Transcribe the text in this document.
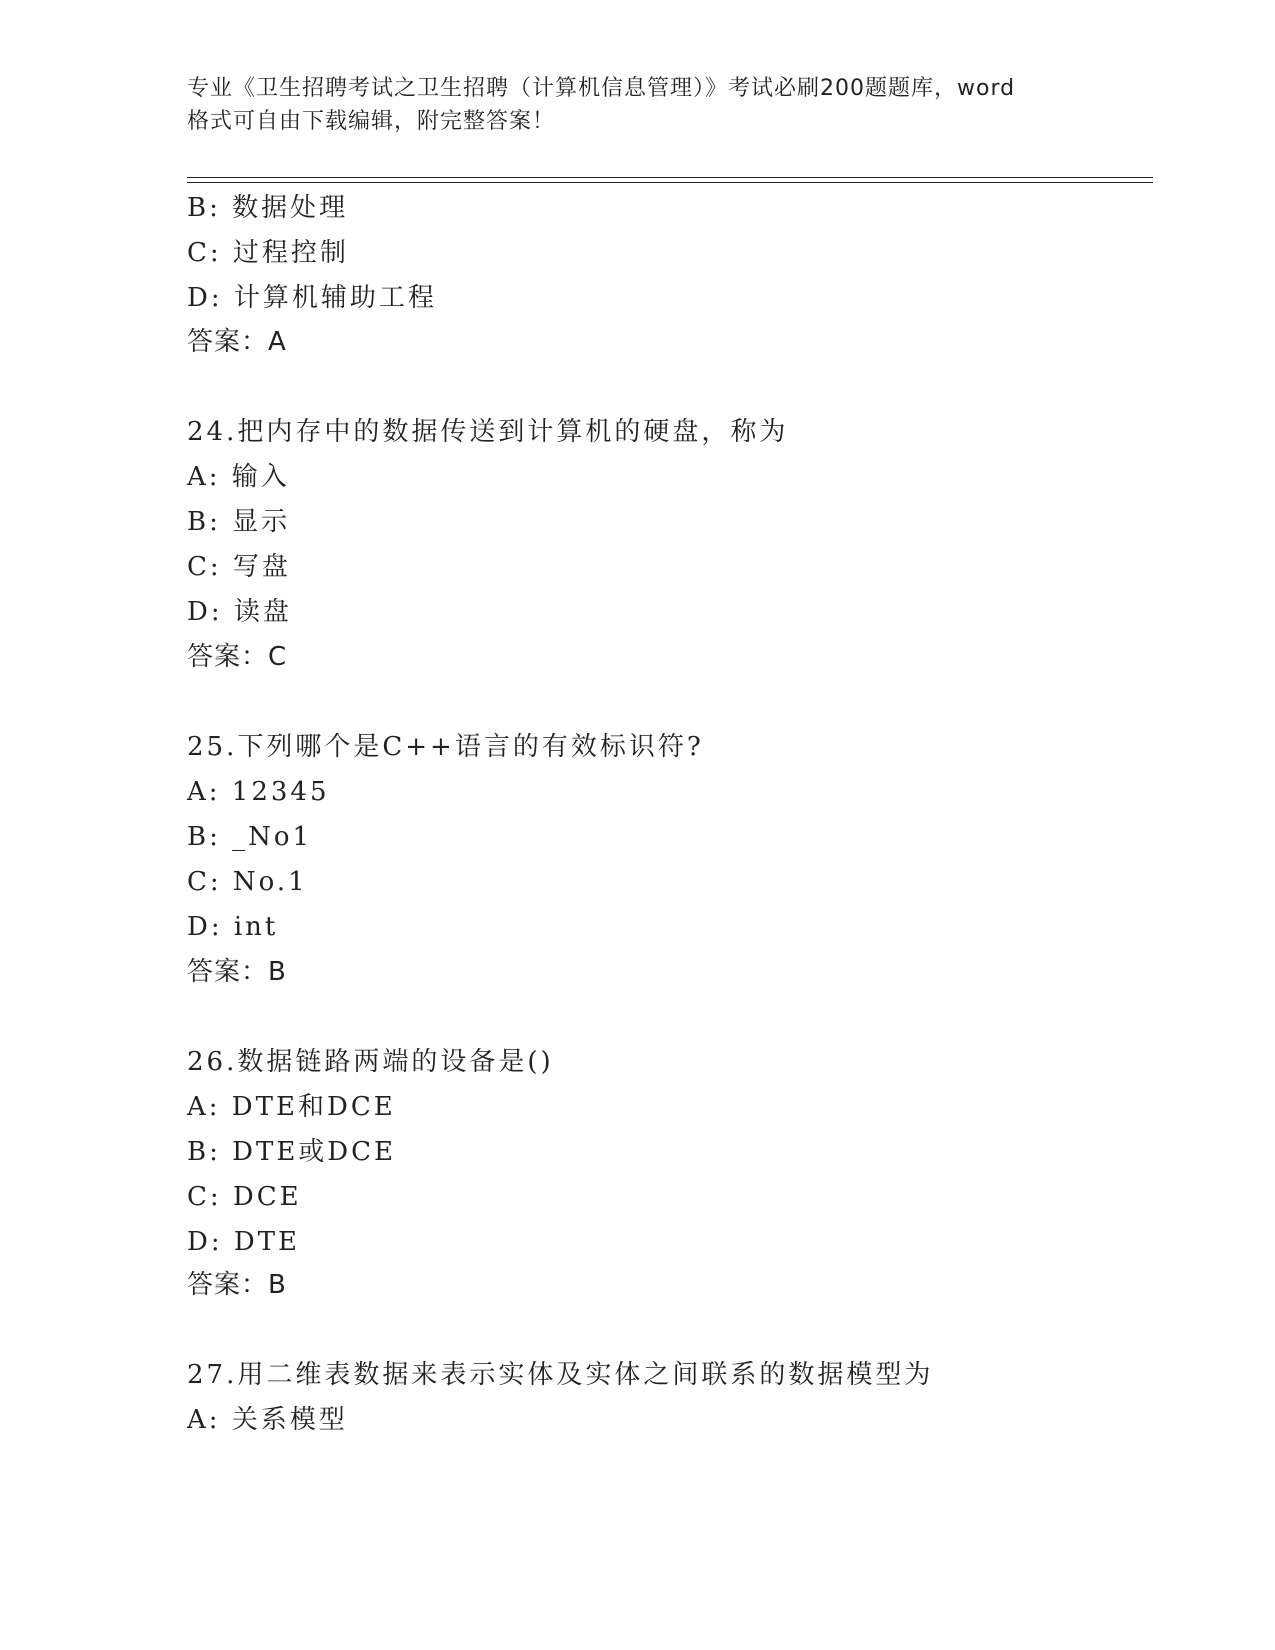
专业《卫生招聘考试之卫生招聘（计算机信息管理）》考试必刷200题题库，word
格式可自由下载编辑，附完整答案！
B: 数据处理
C: 过程控制
D: 计算机辅助工程
答案：A
24.把内存中的数据传送到计算机的硬盘，称为
A: 输入
B: 显示
C: 写盘
D: 读盘
答案：C
25.下列哪个是C++语言的有效标识符?
A: 12345
B: _No1
C: No.1
D: int
答案：B
26.数据链路两端的设备是()
A: DTE和DCE
B: DTE或DCE
C: DCE
D: DTE
答案：B
27.用二维表数据来表示实体及实体之间联系的数据模型为
A: 关系模型
